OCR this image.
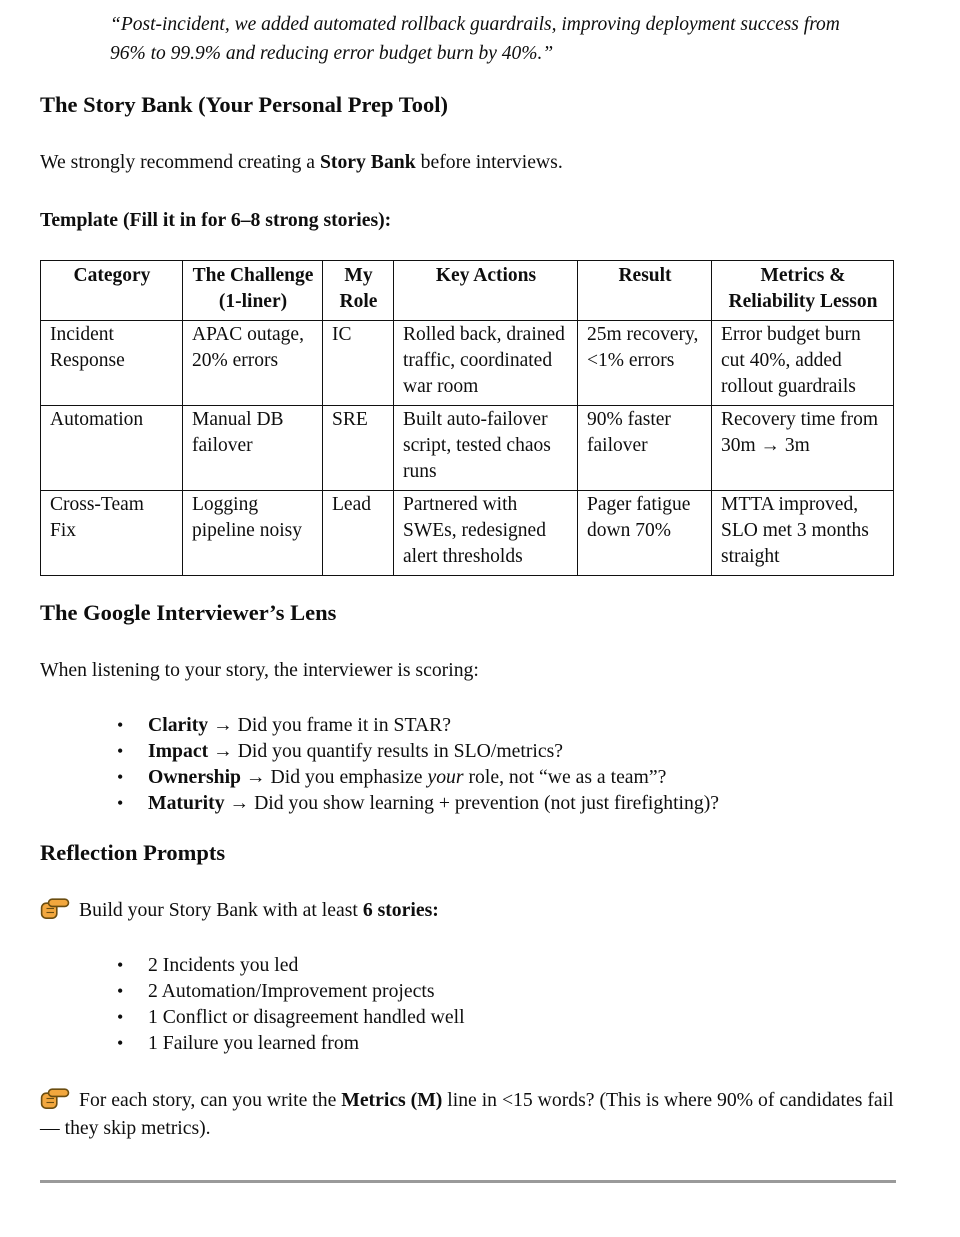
“Post-incident, we added automated rollback guardrails, improving deployment success from 96% to 99.9% and reducing error budget burn by 40%.”

The Story Bank (Your Personal Prep Tool)

We strongly recommend creating a Story Bank before interviews.

Template (Fill it in for 6–8 strong stories):

Category	The Challenge (1-liner)	My Role	Key Actions	Result	Metrics & Reliability Lesson
Incident Response	APAC outage, 20% errors	IC	Rolled back, drained traffic, coordinated war room	25m recovery, <1% errors	Error budget burn cut 40%, added rollout guardrails
Automation	Manual DB failover	SRE	Built auto-failover script, tested chaos runs	90% faster failover	Recovery time from 30m → 3m
Cross-Team Fix	Logging pipeline noisy	Lead	Partnered with SWEs, redesigned alert thresholds	Pager fatigue down 70%	MTTA improved, SLO met 3 months straight
The Google Interviewer’s Lens

When listening to your story, the interviewer is scoring:

• Clarity → Did you frame it in STAR?
• Impact → Did you quantify results in SLO/metrics?
• Ownership → Did you emphasize your role, not “we as a team”?
• Maturity → Did you show learning + prevention (not just firefighting)?
Reflection Prompts

Build your Story Bank with at least 6 stories:

• 2 Incidents you led
• 2 Automation/Improvement projects
• 1 Conflict or disagreement handled well
• 1 Failure you learned from

For each story, can you write the Metrics (M) line in <15 words? (This is where 90% of candidates fail — they skip metrics).
